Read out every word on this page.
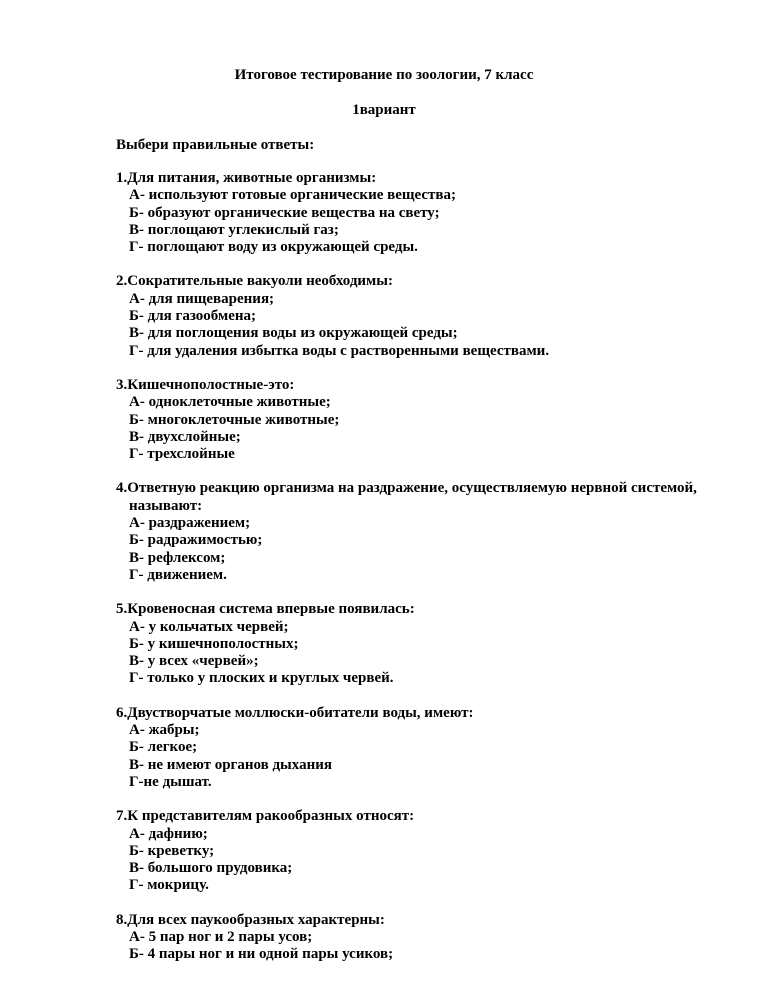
Итоговое тестирование по зоологии, 7 класс

1вариант

Выбери правильные ответы:

1.Для питания, животные организмы:
А- используют готовые органические вещества;
Б- образуют органические вещества на свету;
В- поглощают углекислый газ;
Г- поглощают воду из окружающей среды.
2.Сократительные вакуоли необходимы:
А- для пищеварения;
Б- для газообмена;
В- для поглощения воды из окружающей среды;
Г- для удаления избытка воды с растворенными веществами.
3.Кишечнополостные-это:
А- одноклеточные животные;
Б- многоклеточные животные;
В- двухслойные;
Г- трехслойные
4.Ответную реакцию организма на раздражение, осуществляемую нервной системой, называют:
А- раздражением;
Б- радражимостью;
В- рефлексом;
Г- движением.
5.Кровеносная система впервые появилась:
А- у кольчатых червей;
Б- у кишечнополостных;
В- у всех «червей»;
Г- только у плоских и круглых червей.
6.Двустворчатые моллюски-обитатели воды, имеют:
А- жабры;
Б- легкое;
В- не имеют органов дыхания
Г-не дышат.
7.К представителям ракообразных относят:
А- дафнию;
Б- креветку;
В- большого прудовика;
Г- мокрицу.
8.Для всех паукообразных характерны:
А- 5 пар ног и 2 пары усов;
Б- 4 пары ног и ни одной пары усиков;
